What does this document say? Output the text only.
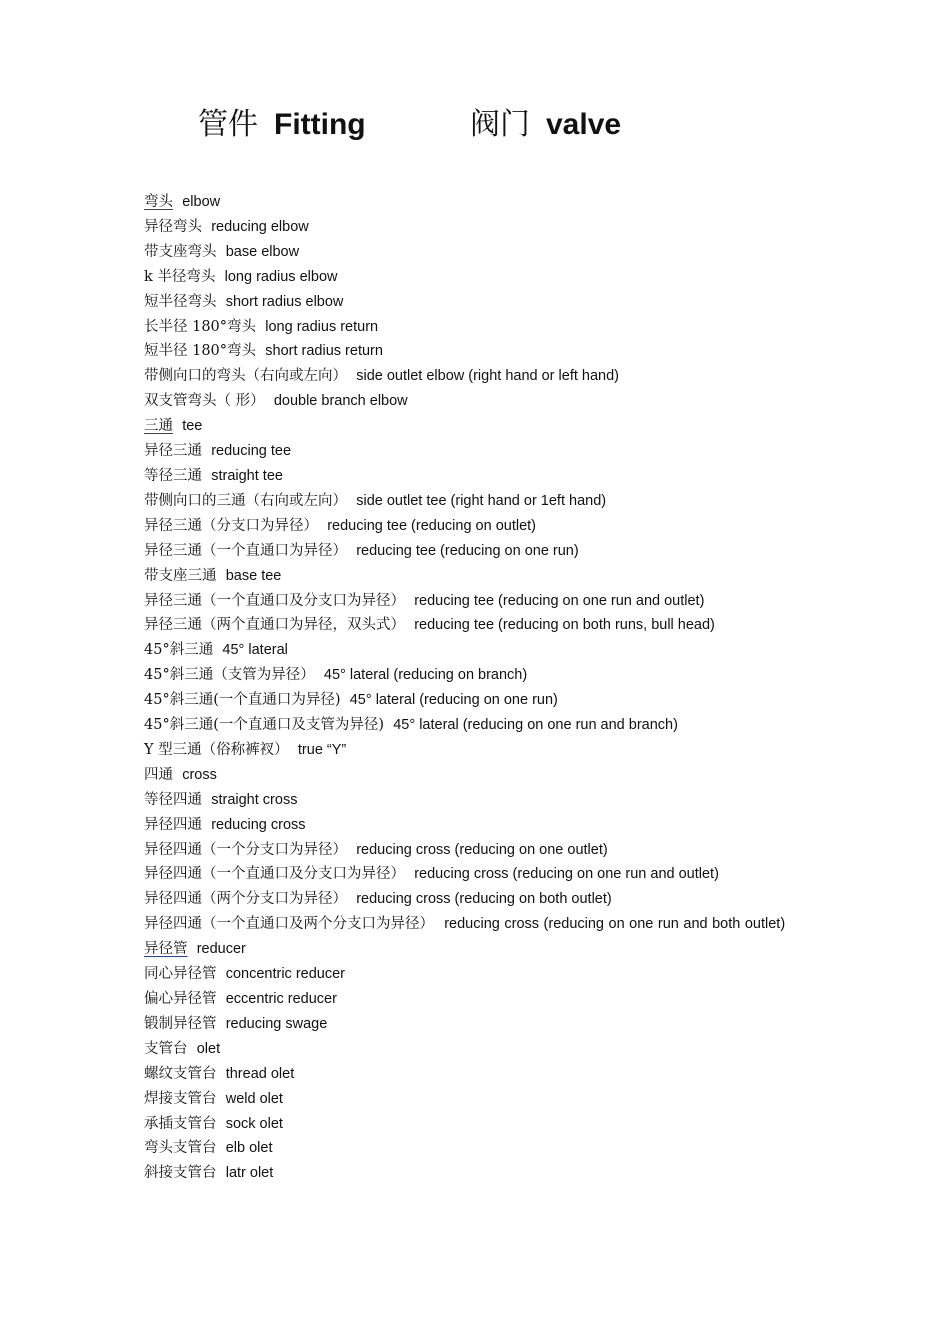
管件 Fitting	阀门 valve
弯头 elbow
异径弯头 reducing elbow
带支座弯头 base elbow
k 半径弯头 long radius elbow
短半径弯头 short radius elbow
长半径 180°弯头 long radius return
短半径 180°弯头 short radius return
带侧向口的弯头（右向或左向） side outlet elbow (right hand or left hand)
双支管弯头（ 形） double branch elbow
三通 tee
异径三通 reducing tee
等径三通 straight tee
带侧向口的三通（右向或左向） side outlet tee (right hand or 1eft hand)
异径三通（分支口为异径） reducing tee (reducing on outlet)
异径三通（一个直通口为异径） reducing tee (reducing on one run)
带支座三通 base tee
异径三通（一个直通口及分支口为异径） reducing tee (reducing on one run and outlet)
异径三通（两个直通口为异径，双头式） reducing tee (reducing on both runs, bull head)
45°斜三通 45° lateral
45°斜三通（支管为异径） 45° lateral (reducing on branch)
45°斜三通(一个直通口为异径) 45° lateral (reducing on one run)
45°斜三通(一个直通口及支管为异径) 45° lateral (reducing on one run and branch)
Y 型三通（俗称裤衩） true “Y”
四通 cross
等径四通 straight cross
异径四通 reducing cross
异径四通（一个分支口为异径） reducing cross (reducing on one outlet)
异径四通（一个直通口及分支口为异径） reducing cross (reducing on one run and outlet)
异径四通（两个分支口为异径） reducing cross (reducing on both outlet)
异径四通（一个直通口及两个分支口为异径） reducing cross (reducing on one run and both outlet)
异径管 reducer
同心异径管 concentric reducer
偏心异径管 eccentric reducer
锻制异径管 reducing swage
支管台 olet
螺纹支管台 thread olet
焊接支管台 weld olet
承插支管台 sock olet
弯头支管台 elb olet
斜接支管台 latr olet
